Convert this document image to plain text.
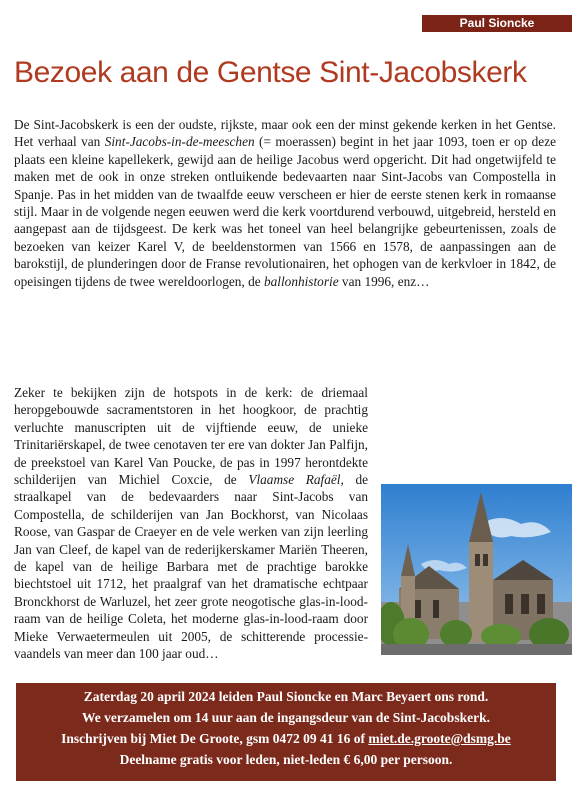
Paul Sioncke
Bezoek aan de Gentse Sint-Jacobskerk

De Sint-Jacobskerk is een der oudste, rijkste, maar ook een der minst gekende kerken in het Gentse. Het verhaal van Sint-Jacobs-in-de-meeschen (= moerassen) begint in het jaar 1093, toen er op deze plaats een kleine kapellekerk, gewijd aan de heilige Jacobus werd opgericht. Dit had ongetwijfeld te maken met de ook in onze streken ontluikende bedevaarten naar Sint-Jacobs van Compostella in Spanje. Pas in het midden van de twaalfde eeuw verscheen er hier de eerste stenen kerk in romaanse stijl. Maar in de volgende negen eeuwen werd die kerk voortdurend verbouwd, uitgebreid, hersteld en aangepast aan de tijdsgeest. De kerk was het toneel van heel belangrijke gebeurtenissen, zoals de bezoeken van keizer Karel V, de beeldenstormen van 1566 en 1578, de aanpassingen aan de barokstijl, de plunderingen door de Franse revolutionairen, het ophogen van de kerkvloer in 1842, de opeisingen tijdens de twee wereldoorlogen, de ballonhistorie van 1996, enz…

Zeker te bekijken zijn de hotspots in de kerk: de driemaal heropgebouwde sacramentstoren in het hoogkoor, de prachtig verluchte manuscripten uit de vijftiende eeuw, de unieke Trinitariërskapel, de twee cenotaven ter ere van dokter Jan Palfijn, de preekstoel van Karel Van Poucke, de pas in 1997 herontdekte schilderijen van Michiel Coxcie, de Vlaamse Rafaël, de straalkapel van de bedevaarders naar Sint-Jacobs van Compostella, de schilderijen van Jan Bockhorst, van Nicolaas Roose, van Gaspar de Craeyer en de vele werken van zijn leerling Jan van Cleef, de kapel van de rederijkerskamer Mariën Theeren, de kapel van de heilige Barbara met de prachtige barokke biechtstoel uit 1712, het praalgraf van het dramatische echtpaar Bronckhorst de Warluzel, het zeer grote neogotische glas-in-lood-raam van de heilige Coleta, het moderne glas-in-lood-raam door Mieke Verwaetermeulen uit 2005, de schitterende processievaandels van meer dan 100 jaar oud…

Zaterdag 20 april 2024 leiden Paul Sioncke en Marc Beyaert ons rond.
We verzamelen om 14 uur aan de ingangsdeur van de Sint-Jacobskerk.
Inschrijven bij Miet De Groote, gsm 0472 09 41 16 of miet.de.groote@dsmg.be
Deelname gratis voor leden, niet-leden € 6,00 per persoon.
